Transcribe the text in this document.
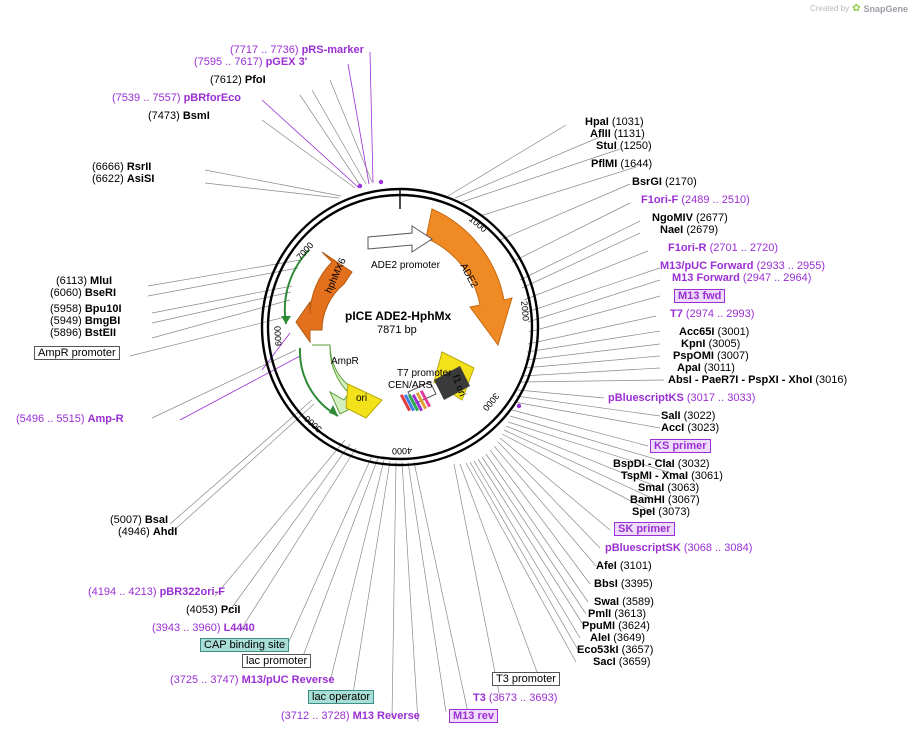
Created by ✿ SnapGene
pICE ADE2-HphMx
7871 bp
ADE2 promoter ADE2
hphMX6
AmpR
ori
f1 ori
T7 promoter
CEN/ARS
1000
2000
3000
4000
5000
6000
7000
(7717 .. 7736) pRS-marker
(7595 .. 7617) pGEX 3'
(7612) PfoI
(7539 .. 7557) pBRforEco
(7473) BsmI
(6666) RsrII
(6622) AsiSI
(6113) MluI
(6060) BseRI
(5958) Bpu10I
(5949) BmgBI
(5896) BstEII
AmpR promoter
(5496 .. 5515) Amp-R
(5007) BsaI
(4946) AhdI
(4194 .. 4213) pBR322ori-F
(4053) PciI
(3943 .. 3960) L4440
CAP binding site
lac promoter
(3725 .. 3747) M13/pUC Reverse
lac operator
(3712 .. 3728) M13 Reverse	M13 rev
HpaI (1031)
AflII (1131)
StuI (1250)
PflMI (1644)
BsrGI (2170)
F1ori-F (2489 .. 2510)
NgoMIV (2677)
NaeI (2679)
F1ori-R (2701 .. 2720)
M13/pUC Forward (2933 .. 2955)
M13 Forward (2947 .. 2964)
M13 fwd
T7 (2974 .. 2993)
Acc65I (3001)
KpnI (3005)
PspOMI (3007)
ApaI (3011)
AbsI - PaeR7I - PspXI - XhoI (3016)
pBluescriptKS (3017 .. 3033)
SalI (3022)
AccI (3023)
KS primer
BspDI - ClaI (3032)
TspMI - XmaI (3061)
SmaI (3063)
BamHI (3067)
SpeI (3073)
SK primer
pBluescriptSK (3068 .. 3084)
AfeI (3101)
BbsI (3395)
SwaI (3589)
PmlI (3613)
PpuMI (3624)
AleI (3649)
Eco53kI (3657)
SacI (3659)
T3 promoter
T3 (3673 .. 3693)
